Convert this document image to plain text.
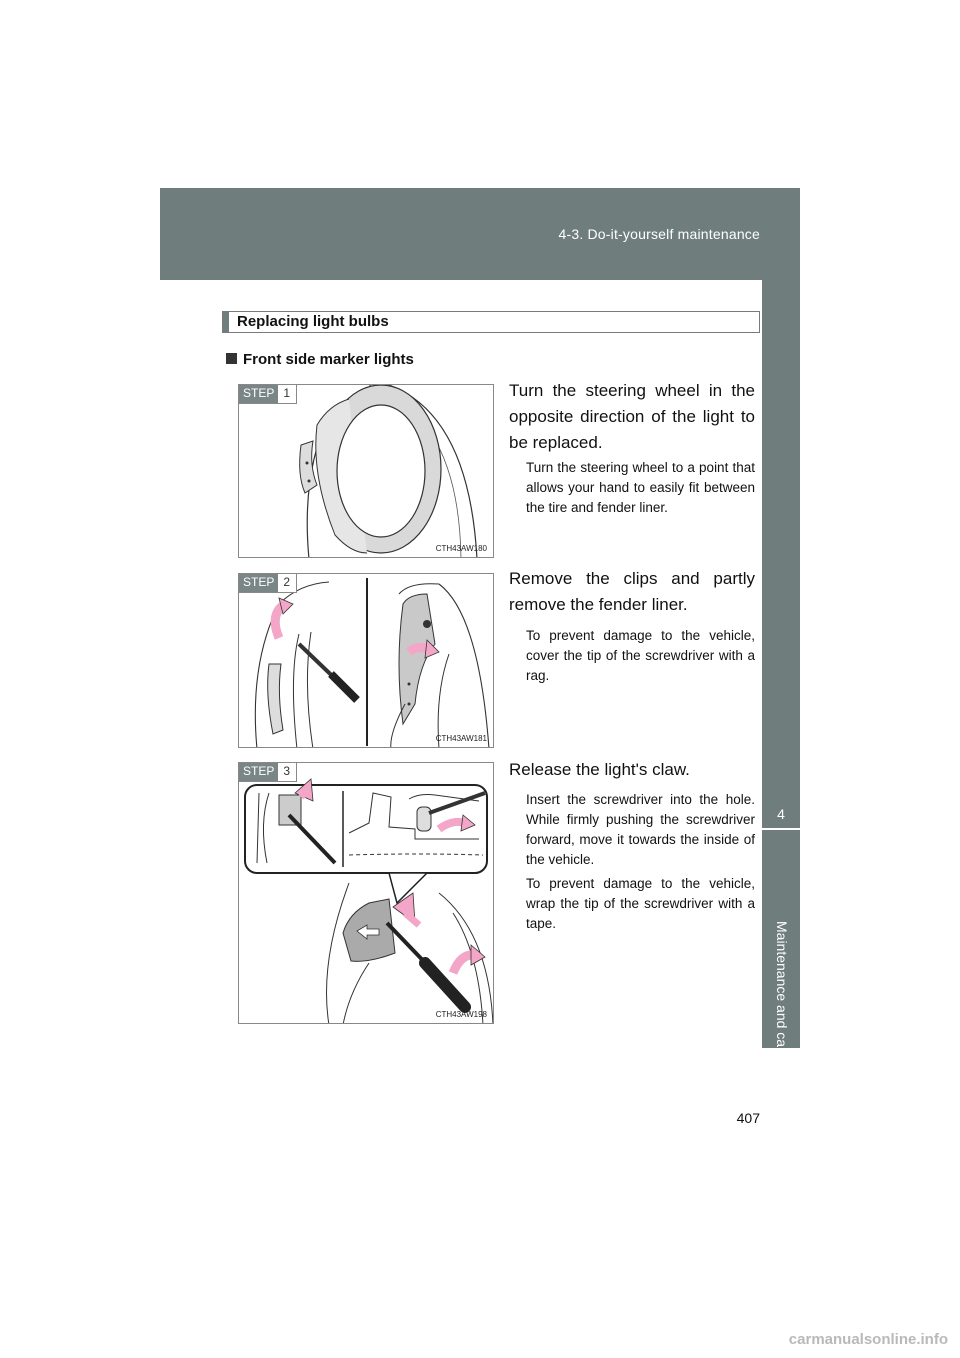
4-3. Do-it-yourself maintenance
4
Maintenance and care
Replacing light bulbs
Front side marker lights
STEP 1
CTH43AW180
Turn the steering wheel in the opposite direction of the light to be replaced.
Turn the steering wheel to a point that allows your hand to easily fit between the tire and fender liner.
STEP 2
CTH43AW181
Remove the clips and partly remove the fender liner.
To prevent damage to the vehicle, cover the tip of the screwdriver with a rag.
STEP 3
CTH43AW198
Release the light's claw.
Insert the screwdriver into the hole. While firmly pushing the screwdriver forward, move it towards the inside of the vehicle.
To prevent damage to the vehicle, wrap the tip of the screwdriver with a tape.
407
carmanualsonline.info
